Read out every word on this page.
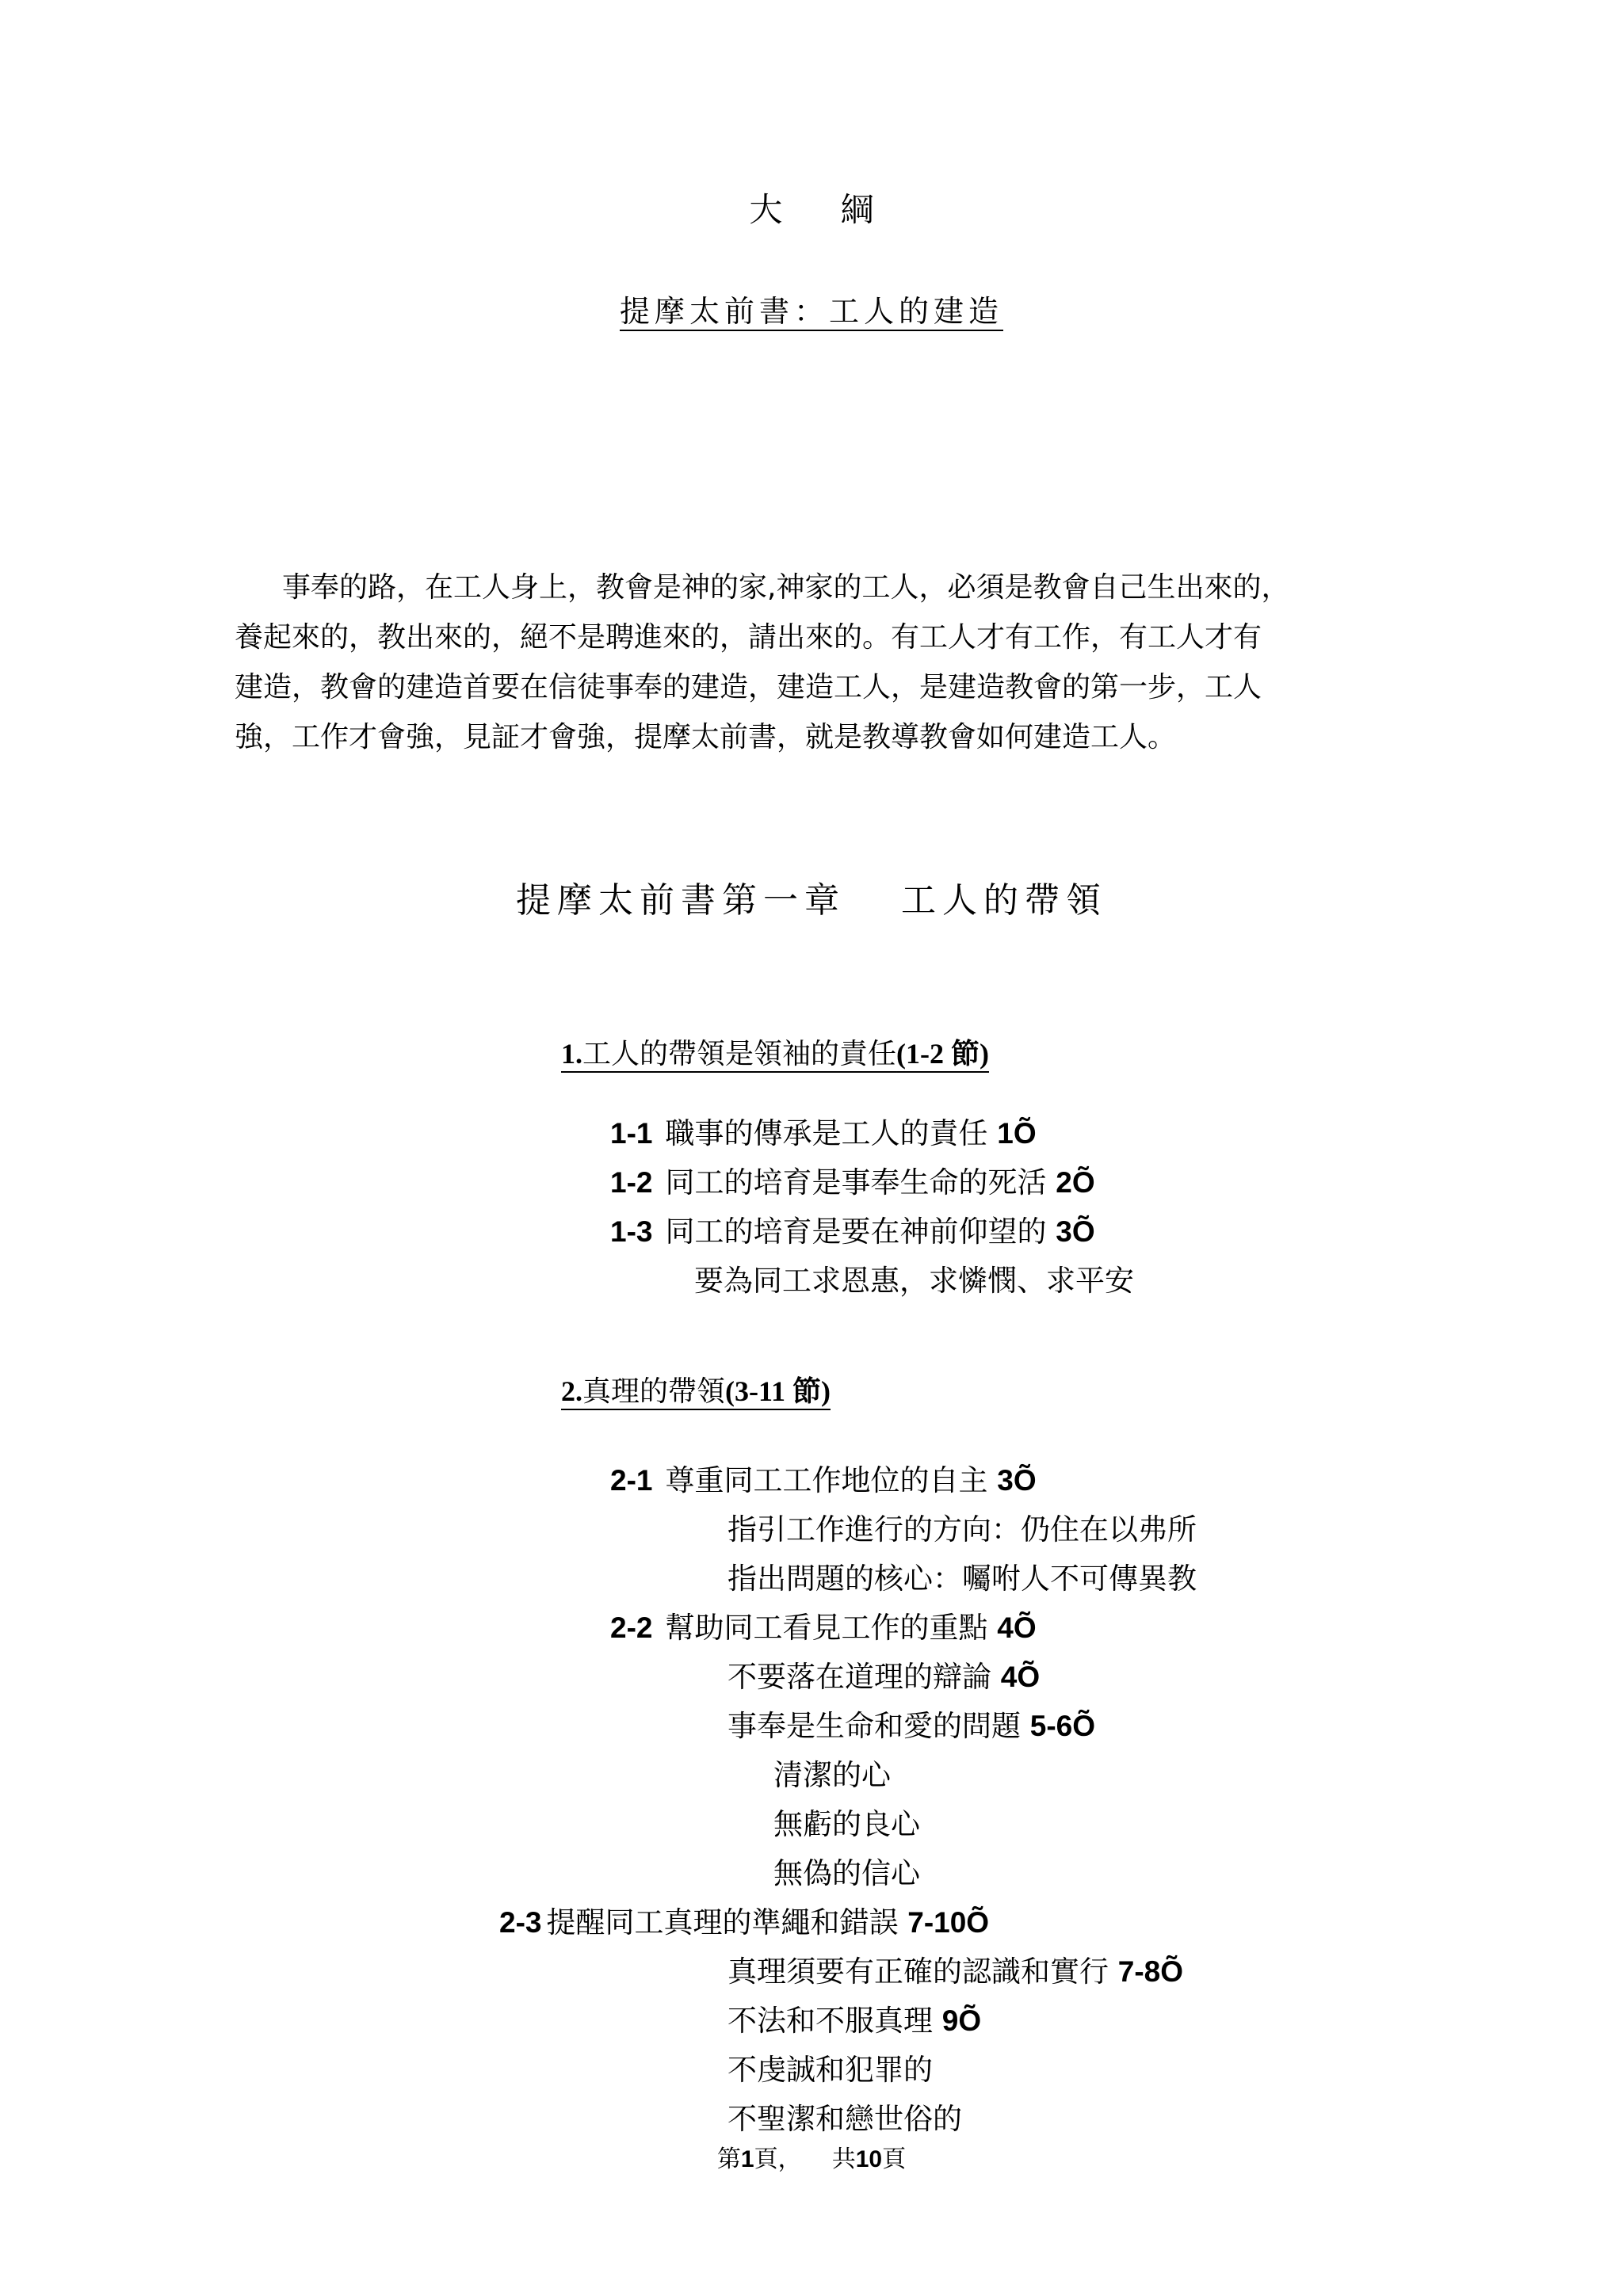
大 綱
提摩太前書：工人的建造

事奉的路，在工人身上，教會是神的家,神家的工人，必須是教會自己生出來的，

養起來的，教出來的，絕不是聘進來的，請出來的。有工人才有工作，有工人才有

建造，教會的建造首要在信徒事奉的建造，建造工人，是建造教會的第一步，工人

強，工作才會強，見証才會強，提摩太前書，就是教導教會如何建造工人。

提摩太前書第一章 工人的帶領
1.工人的帶領是領袖的責任(1-2 節)
1-1 職事的傳承是工人的責任 1Õ
1-2 同工的培育是事奉生命的死活 2Õ
1-3 同工的培育是要在神前仰望的 3Õ
要為同工求恩惠，求憐憫、求平安
2.真理的帶領(3-11 節)
2-1 尊重同工工作地位的自主 3Õ
指引工作進行的方向：仍住在以弗所
指出問題的核心：囑咐人不可傳異教
2-2 幫助同工看見工作的重點 4Õ
不要落在道理的辯論 4Õ
事奉是生命和愛的問題 5-6Õ
清潔的心
無虧的良心
無偽的信心
2-3 提醒同工真理的準繩和錯誤 7-10Õ
真理須要有正確的認識和實行 7-8Õ
不法和不服真理 9Õ
不虔誠和犯罪的
不聖潔和戀世俗的
第1頁， 共10頁
